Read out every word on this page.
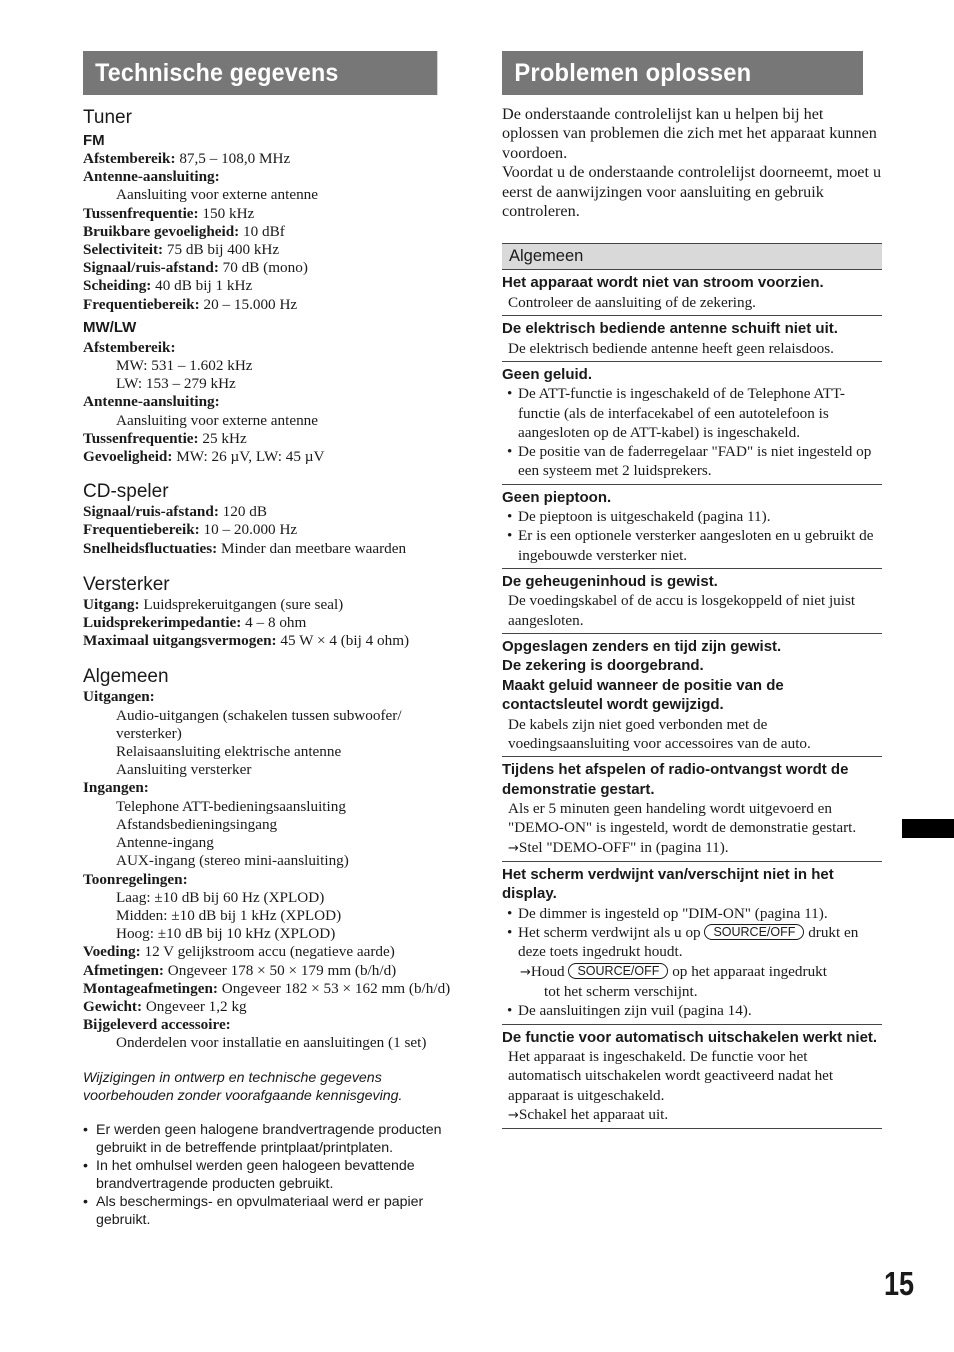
Technische gegevens
Tuner
FM
Afstembereik: 87,5 – 108,0 MHz
Antenne-aansluiting:
Aansluiting voor externe antenne
Tussenfrequentie: 150 kHz
Bruikbare gevoeligheid: 10 dBf
Selectiviteit: 75 dB bij 400 kHz
Signaal/ruis-afstand: 70 dB (mono)
Scheiding: 40 dB bij 1 kHz
Frequentiebereik: 20 – 15.000 Hz
MW/LW
Afstembereik:
MW: 531 – 1.602 kHz
LW: 153 – 279 kHz
Antenne-aansluiting:
Aansluiting voor externe antenne
Tussenfrequentie: 25 kHz
Gevoeligheid: MW: 26 µV, LW: 45 µV
CD-speler
Signaal/ruis-afstand: 120 dB
Frequentiebereik: 10 – 20.000 Hz
Snelheidsfluctuaties: Minder dan meetbare waarden
Versterker
Uitgang: Luidsprekeruitgangen (sure seal)
Luidsprekerimpedantie: 4 – 8 ohm
Maximaal uitgangsvermogen: 45 W × 4 (bij 4 ohm)
Algemeen
Uitgangen:
Audio-uitgangen (schakelen tussen subwoofer/
versterker)
Relaisaansluiting elektrische antenne
Aansluiting versterker
Ingangen:
Telephone ATT-bedieningsaansluiting
Afstandsbedieningsingang
Antenne-ingang
AUX-ingang (stereo mini-aansluiting)
Toonregelingen:
Laag: ±10 dB bij 60 Hz (XPLOD)
Midden: ±10 dB bij 1 kHz (XPLOD)
Hoog: ±10 dB bij 10 kHz (XPLOD)
Voeding: 12 V gelijkstroom accu (negatieve aarde)
Afmetingen: Ongeveer 178 × 50 × 179 mm (b/h/d)
Montageafmetingen: Ongeveer 182 × 53 × 162 mm (b/h/d)
Gewicht: Ongeveer 1,2 kg
Bijgeleverd accessoire:
Onderdelen voor installatie en aansluitingen (1 set)
Wijzigingen in ontwerp en technische gegevens voorbehouden zonder voorafgaande kennisgeving.
• Er werden geen halogene brandvertragende producten gebruikt in de betreffende printplaat/printplaten.
• In het omhulsel werden geen halogeen bevattende brandvertragende producten gebruikt.
• Als beschermings- en opvulmateriaal werd er papier gebruikt.
Problemen oplossen
De onderstaande controlelijst kan u helpen bij het oplossen van problemen die zich met het apparaat kunnen voordoen.
Voordat u de onderstaande controlelijst doorneemt, moet u eerst de aanwijzingen voor aansluiting en gebruik controleren.
Algemeen
Het apparaat wordt niet van stroom voorzien.
Controleer de aansluiting of de zekering.
De elektrisch bediende antenne schuift niet uit.
De elektrisch bediende antenne heeft geen relaisdoos.
Geen geluid.
• De ATT-functie is ingeschakeld of de Telephone ATT-functie (als de interfacekabel of een autotelefoon is aangesloten op de ATT-kabel) is ingeschakeld.
• De positie van de faderregelaar "FAD" is niet ingesteld op een systeem met 2 luidsprekers.
Geen pieptoon.
• De pieptoon is uitgeschakeld (pagina 11).
• Er is een optionele versterker aangesloten en u gebruikt de ingebouwde versterker niet.
De geheugeninhoud is gewist.
De voedingskabel of de accu is losgekoppeld of niet juist aangesloten.
Opgeslagen zenders en tijd zijn gewist.
De zekering is doorgebrand.
Maakt geluid wanneer de positie van de contactsleutel wordt gewijzigd.
De kabels zijn niet goed verbonden met de voedingsaansluiting voor accessoires van de auto.
Tijdens het afspelen of radio-ontvangst wordt de demonstratie gestart.
Als er 5 minuten geen handeling wordt uitgevoerd en "DEMO-ON" is ingesteld, wordt de demonstratie gestart.
→Stel "DEMO-OFF" in (pagina 11).
Het scherm verdwijnt van/verschijnt niet in het display.
• De dimmer is ingesteld op "DIM-ON" (pagina 11).
• Het scherm verdwijnt als u op SOURCE/OFF drukt en deze toets ingedrukt houdt.
→Houd SOURCE/OFF op het apparaat ingedrukt
tot het scherm verschijnt.
• De aansluitingen zijn vuil (pagina 14).
De functie voor automatisch uitschakelen werkt niet.
Het apparaat is ingeschakeld. De functie voor het automatisch uitschakelen wordt geactiveerd nadat het apparaat is uitgeschakeld.
→Schakel het apparaat uit.
15
